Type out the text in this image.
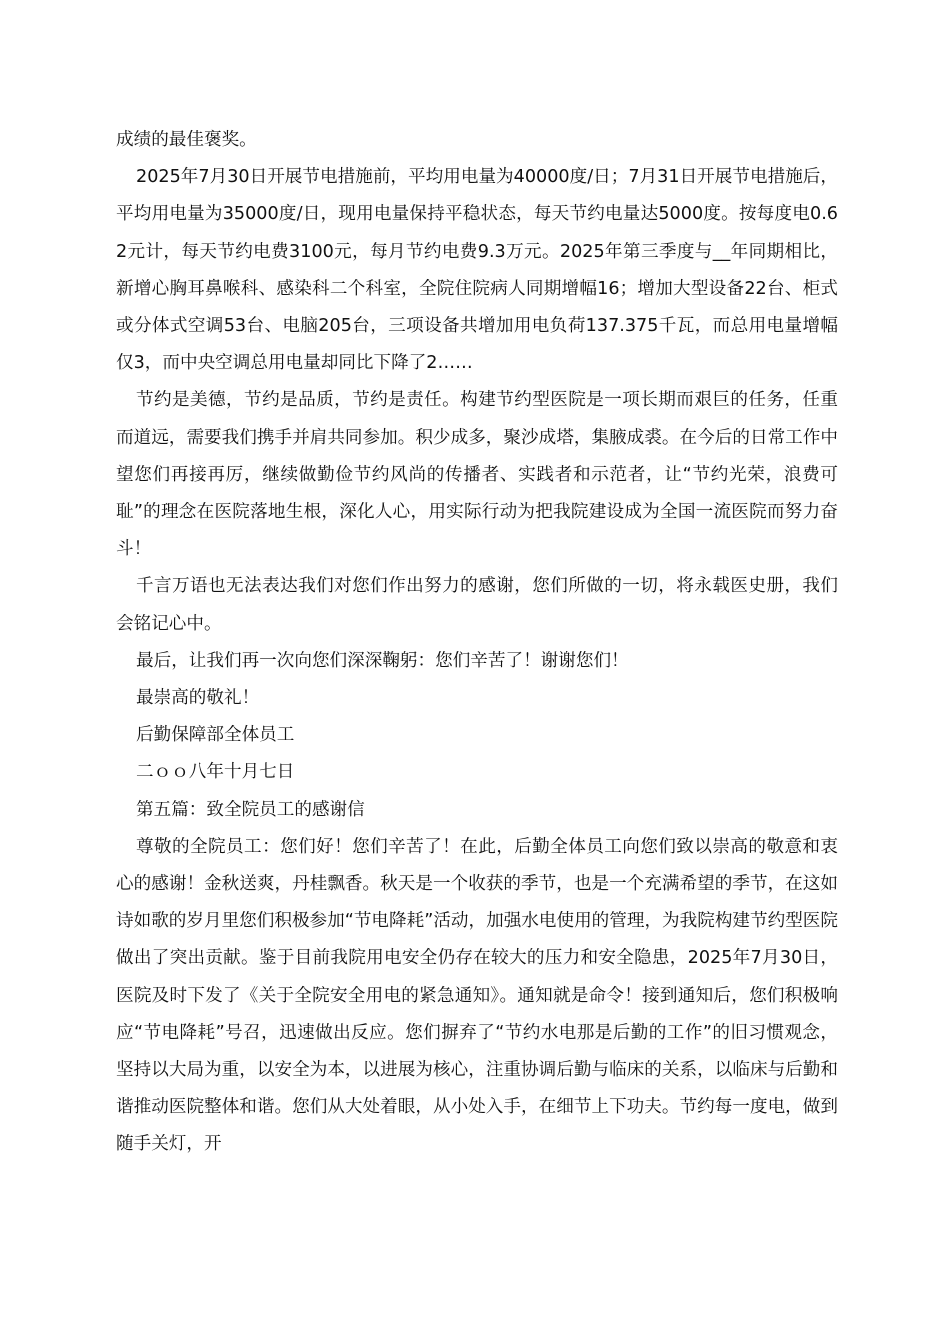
成绩的最佳褒奖。

2025年7月30日开展节电措施前，平均用电量为40000度/日；7月31日开展节电措施后，平均用电量为35000度/日，现用电量保持平稳状态，每天节约电量达5000度。按每度电0.62元计，每天节约电费3100元，每月节约电费9.3万元。2025年第三季度与__年同期相比，新增心胸耳鼻喉科、感染科二个科室，全院住院病人同期增幅16；增加大型设备22台、柜式或分体式空调53台、电脑205台，三项设备共增加用电负荷137.375千瓦，而总用电量增幅仅3，而中央空调总用电量却同比下降了2……

节约是美德，节约是品质，节约是责任。构建节约型医院是一项长期而艰巨的任务，任重而道远，需要我们携手并肩共同参加。积少成多，聚沙成塔，集腋成裘。在今后的日常工作中望您们再接再厉，继续做勤俭节约风尚的传播者、实践者和示范者，让“节约光荣，浪费可耻”的理念在医院落地生根，深化人心，用实际行动为把我院建设成为全国一流医院而努力奋斗！

千言万语也无法表达我们对您们作出努力的感谢，您们所做的一切，将永载医史册，我们会铭记心中。

最后，让我们再一次向您们深深鞠躬：您们辛苦了！谢谢您们！

最崇高的敬礼！

后勤保障部全体员工

二ｏｏ八年十月七日

第五篇：致全院员工的感谢信

尊敬的全院员工：您们好！您们辛苦了！在此，后勤全体员工向您们致以崇高的敬意和衷心的感谢！金秋送爽，丹桂飘香。秋天是一个收获的季节，也是一个充满希望的季节，在这如诗如歌的岁月里您们积极参加“节电降耗”活动，加强水电使用的管理，为我院构建节约型医院做出了突出贡献。鉴于目前我院用电安全仍存在较大的压力和安全隐患，2025年7月30日，医院及时下发了《关于全院安全用电的紧急通知》。通知就是命令！接到通知后，您们积极响应“节电降耗”号召，迅速做出反应。您们摒弃了“节约水电那是后勤的工作”的旧习惯观念，坚持以大局为重，以安全为本，以进展为核心，注重协调后勤与临床的关系，以临床与后勤和谐推动医院整体和谐。您们从大处着眼，从小处入手，在细节上下功夫。节约每一度电，做到随手关灯，开
